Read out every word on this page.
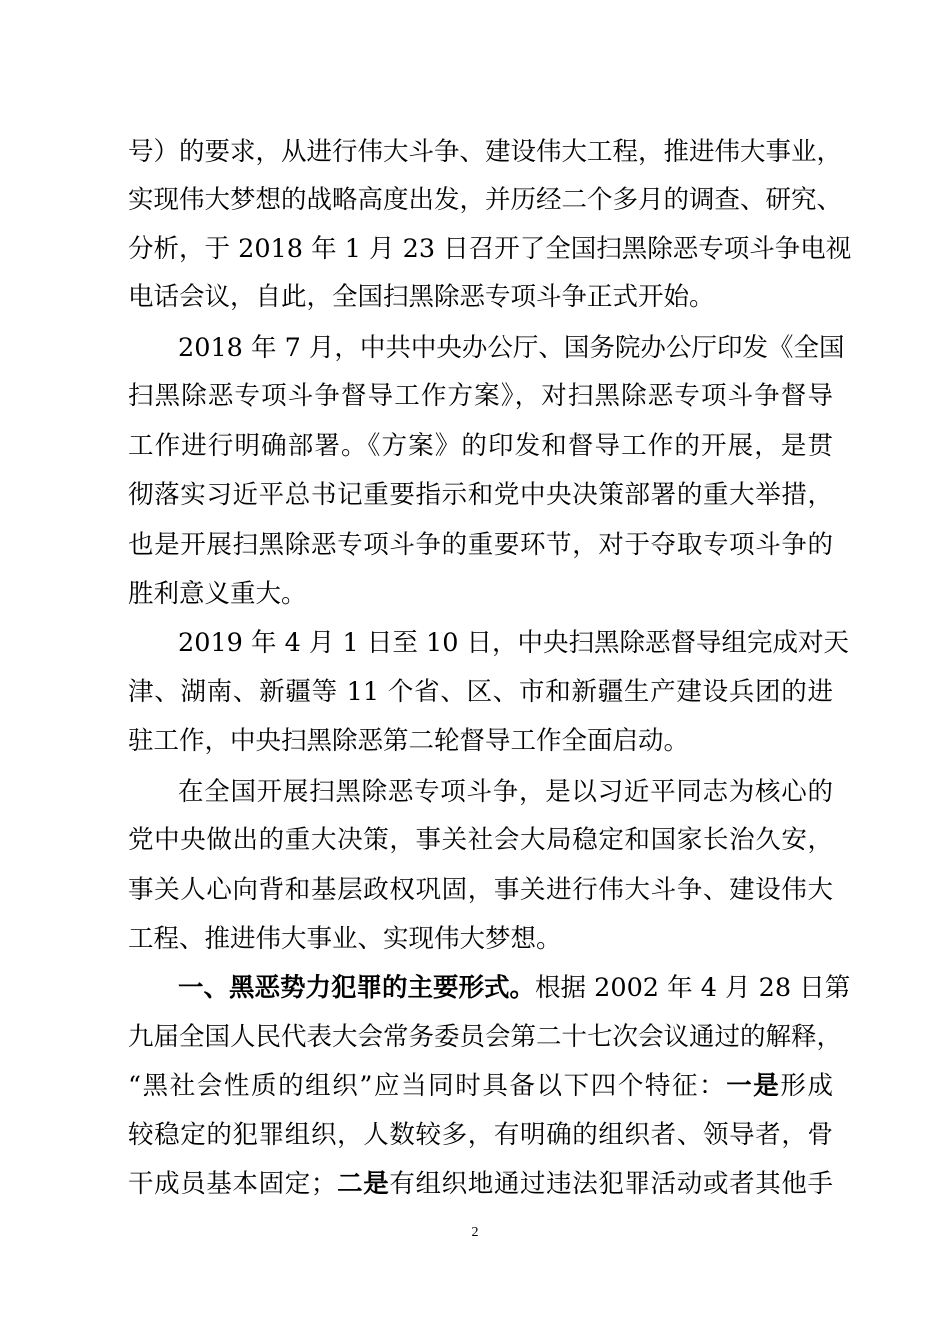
号）的要求，从进行伟大斗争、建设伟大工程，推进伟大事业，
实现伟大梦想的战略高度出发，并历经二个多月的调查、研究、
分析，于 2018 年 1 月 23 日召开了全国扫黑除恶专项斗争电视
电话会议，自此，全国扫黑除恶专项斗争正式开始。
2018 年 7 月，中共中央办公厅、国务院办公厅印发《全国
扫黑除恶专项斗争督导工作方案》，对扫黑除恶专项斗争督导
工作进行明确部署。《方案》的印发和督导工作的开展，是贯
彻落实习近平总书记重要指示和党中央决策部署的重大举措，
也是开展扫黑除恶专项斗争的重要环节，对于夺取专项斗争的
胜利意义重大。
2019 年 4 月 1 日至 10 日，中央扫黑除恶督导组完成对天
津、湖南、新疆等 11 个省、区、市和新疆生产建设兵团的进
驻工作，中央扫黑除恶第二轮督导工作全面启动。
在全国开展扫黑除恶专项斗争，是以习近平同志为核心的
党中央做出的重大决策，事关社会大局稳定和国家长治久安，
事关人心向背和基层政权巩固，事关进行伟大斗争、建设伟大
工程、推进伟大事业、实现伟大梦想。
一、黑恶势力犯罪的主要形式。根据 2002 年 4 月 28 日第
九届全国人民代表大会常务委员会第二十七次会议通过的解释，
“黑社会性质的组织”应当同时具备以下四个特征：一是形成
较稳定的犯罪组织，人数较多，有明确的组织者、领导者，骨
干成员基本固定；二是有组织地通过违法犯罪活动或者其他手
2
